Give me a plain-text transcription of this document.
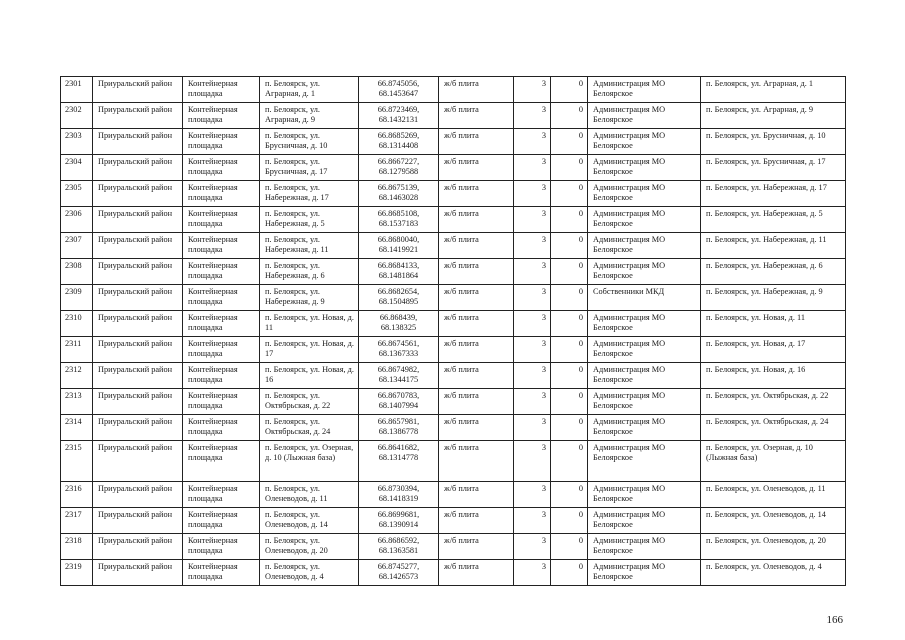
2301	Приуральский район	Контейнерная площадка	п. Белоярск, ул. Аграрная, д. 1	66.8745056, 68.1453647	ж/б плита	3	0	Администрация МО Белоярское	п. Белоярск, ул. Аграрная, д. 1
2302	Приуральский район	Контейнерная площадка	п. Белоярск, ул. Аграрная, д. 9	66.8723469, 68.1432131	ж/б плита	3	0	Администрация МО Белоярское	п. Белоярск, ул. Аграрная, д. 9
2303	Приуральский район	Контейнерная площадка	п. Белоярск, ул. Брусничная, д. 10	66.8685269, 68.1314408	ж/б плита	3	0	Администрация МО Белоярское	п. Белоярск, ул. Брусничная, д. 10
2304	Приуральский район	Контейнерная площадка	п. Белоярск, ул. Брусничная, д. 17	66.8667227, 68.1279588	ж/б плита	3	0	Администрация МО Белоярское	п. Белоярск, ул. Брусничная, д. 17
2305	Приуральский район	Контейнерная площадка	п. Белоярск, ул. Набережная, д. 17	66.8675139, 68.1463028	ж/б плита	3	0	Администрация МО Белоярское	п. Белоярск, ул. Набережная, д. 17
2306	Приуральский район	Контейнерная площадка	п. Белоярск, ул. Набережная, д. 5	66.8685108, 68.1537183	ж/б плита	3	0	Администрация МО Белоярское	п. Белоярск, ул. Набережная, д. 5
2307	Приуральский район	Контейнерная площадка	п. Белоярск, ул. Набережная, д. 11	66.8680040, 68.1419921	ж/б плита	3	0	Администрация МО Белоярское	п. Белоярск, ул. Набережная, д. 11
2308	Приуральский район	Контейнерная площадка	п. Белоярск, ул. Набережная, д. 6	66.8684133, 68.1481864	ж/б плита	3	0	Администрация МО Белоярское	п. Белоярск, ул. Набережная, д. 6
2309	Приуральский район	Контейнерная площадка	п. Белоярск, ул. Набережная, д. 9	66.8682654, 68.1504895	ж/б плита	3	0	Собственники МКД	п. Белоярск, ул. Набережная, д. 9
2310	Приуральский район	Контейнерная площадка	п. Белоярск, ул. Новая, д. 11	66.868439, 68.138325	ж/б плита	3	0	Администрация МО Белоярское	п. Белоярск, ул. Новая, д. 11
2311	Приуральский район	Контейнерная площадка	п. Белоярск, ул. Новая, д. 17	66.8674561, 68.1367333	ж/б плита	3	0	Администрация МО Белоярское	п. Белоярск, ул. Новая, д. 17
2312	Приуральский район	Контейнерная площадка	п. Белоярск, ул. Новая, д. 16	66.8674982, 68.1344175	ж/б плита	3	0	Администрация МО Белоярское	п. Белоярск, ул. Новая, д. 16
2313	Приуральский район	Контейнерная площадка	п. Белоярск, ул. Октябрьская, д. 22	66.8670783, 68.1407994	ж/б плита	3	0	Администрация МО Белоярское	п. Белоярск, ул. Октябрьская, д. 22
2314	Приуральский район	Контейнерная площадка	п. Белоярск, ул. Октябрьская, д. 24	66.8657981, 68.1386778	ж/б плита	3	0	Администрация МО Белоярское	п. Белоярск, ул. Октябрьская, д. 24
2315	Приуральский район	Контейнерная площадка	п. Белоярск, ул. Озерная, д. 10 (Лыжная база)	66.8641682, 68.1314778	ж/б плита	3	0	Администрация МО Белоярское	п. Белоярск, ул. Озерная, д. 10 (Лыжная база)
2316	Приуральский район	Контейнерная площадка	п. Белоярск, ул. Оленеводов, д. 11	66.8730394, 68.1418319	ж/б плита	3	0	Администрация МО Белоярское	п. Белоярск, ул. Оленеводов, д. 11
2317	Приуральский район	Контейнерная площадка	п. Белоярск, ул. Оленеводов, д. 14	66.8699681, 68.1390914	ж/б плита	3	0	Администрация МО Белоярское	п. Белоярск, ул. Оленеводов, д. 14
2318	Приуральский район	Контейнерная площадка	п. Белоярск, ул. Оленеводов, д. 20	66.8686592, 68.1363581	ж/б плита	3	0	Администрация МО Белоярское	п. Белоярск, ул. Оленеводов, д. 20
2319	Приуральский район	Контейнерная площадка	п. Белоярск, ул. Оленеводов, д. 4	66.8745277, 68.1426573	ж/б плита	3	0	Администрация МО Белоярское	п. Белоярск, ул. Оленеводов, д. 4
166
